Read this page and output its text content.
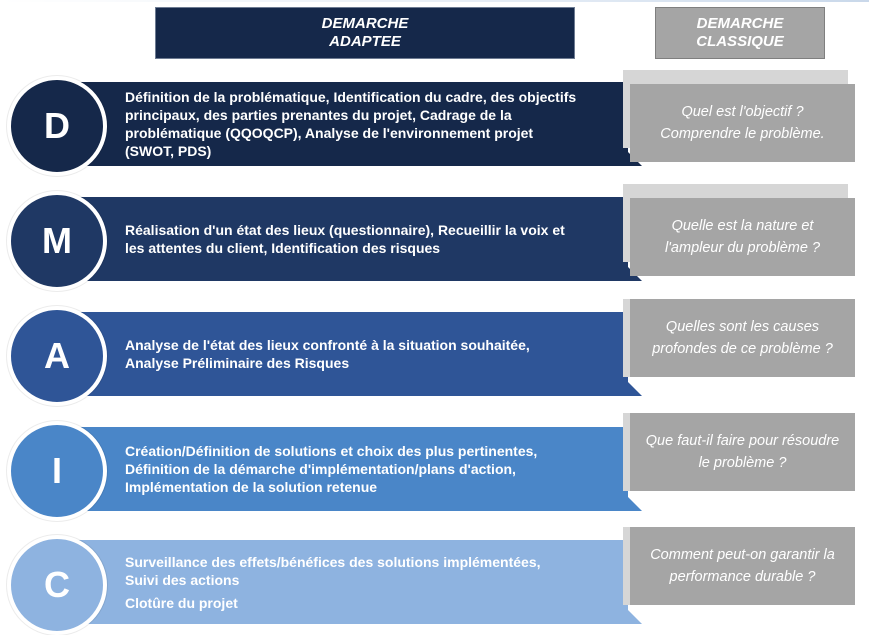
DEMARCHE
ADAPTEE
DEMARCHE
CLASSIQUE
Définition de la problématique, Identification du cadre, des objectifs
principaux, des parties prenantes du projet, Cadrage de la
problématique (QQOQCP), Analyse de l'environnement projet
(SWOT, PDS)
D	Quel est l'objectif ?
Comprendre le problème.
Réalisation d'un état des lieux (questionnaire), Recueillir la voix et
les attentes du client, Identification des risques
M	Quelle est la nature et
l'ampleur du problème ?
Analyse de l'état des lieux confronté à la situation souhaitée,
Analyse Préliminaire des Risques
A
Quelles sont les causes
profondes de ce problème ?
Création/Définition de solutions et choix des plus pertinentes,
Définition de la démarche d'implémentation/plans d'action,
Implémentation de la solution retenue
I
Que faut-il faire pour résoudre
le problème ?
Surveillance des effets/bénéfices des solutions implémentées,
Suivi des actions
Clotûre du projet
C
Comment peut-on garantir la
performance durable ?
